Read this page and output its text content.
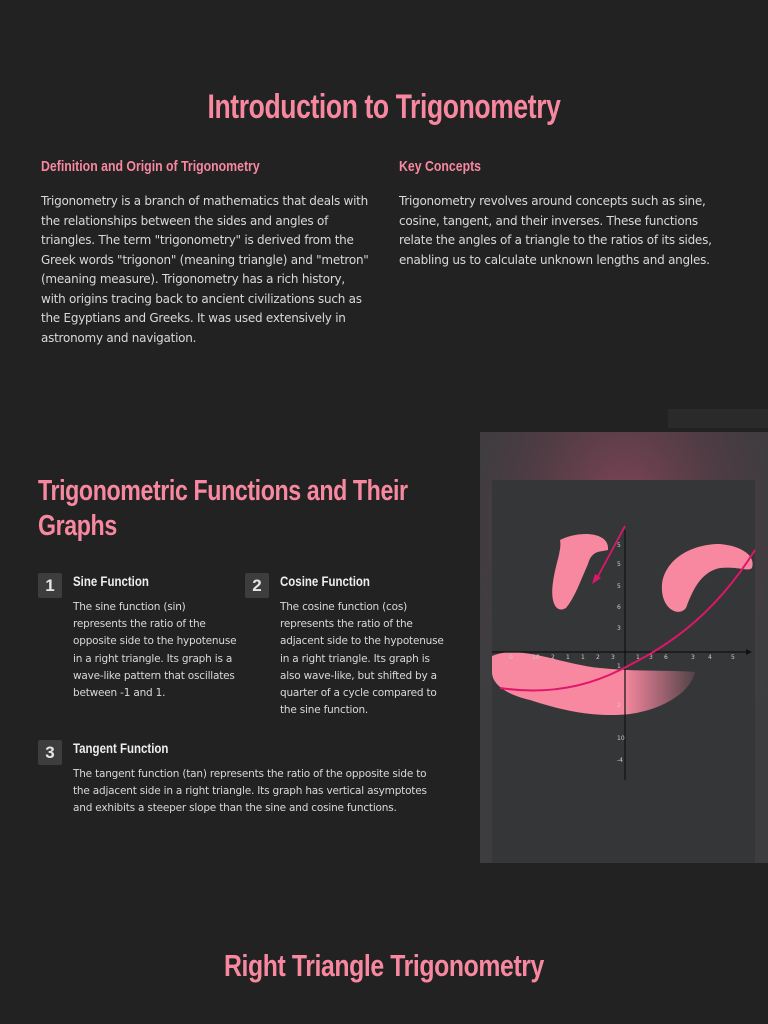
Introduction to Trigonometry
Definition and Origin of Trigonometry

Trigonometry is a branch of mathematics that deals with the relationships between the sides and angles of triangles. The term "trigonometry" is derived from the Greek words "trigonon" (meaning triangle) and "metron" (meaning measure). Trigonometry has a rich history, with origins tracing back to ancient civilizations such as the Egyptians and Greeks. It was used extensively in astronomy and navigation.

Key Concepts

Trigonometry revolves around concepts such as sine, cosine, tangent, and their inverses. These functions relate the angles of a triangle to the ratios of its sides, enabling us to calculate unknown lengths and angles.

Trigonometric Functions and Their Graphs
1	Sine Function
The sine function (sin) represents the ratio of the opposite side to the hypotenuse in a right triangle. Its graph is a wave-like pattern that oscillates between -1 and 1.
2	Cosine Function
The cosine function (cos) represents the ratio of the adjacent side to the hypotenuse in a right triangle. Its graph is also wave-like, but shifted by a quarter of a cycle compared to the sine function.
3	Tangent Function
The tangent function (tan) represents the ratio of the opposite side to the adjacent side in a right triangle. Its graph has vertical asymptotes and exhibits a steeper slope than the sine and cosine functions.
0	10 2 1 1 2 3	1 3 6	3 4	5
5
5
5
6
3
1
2
10
-4
Right Triangle Trigonometry
